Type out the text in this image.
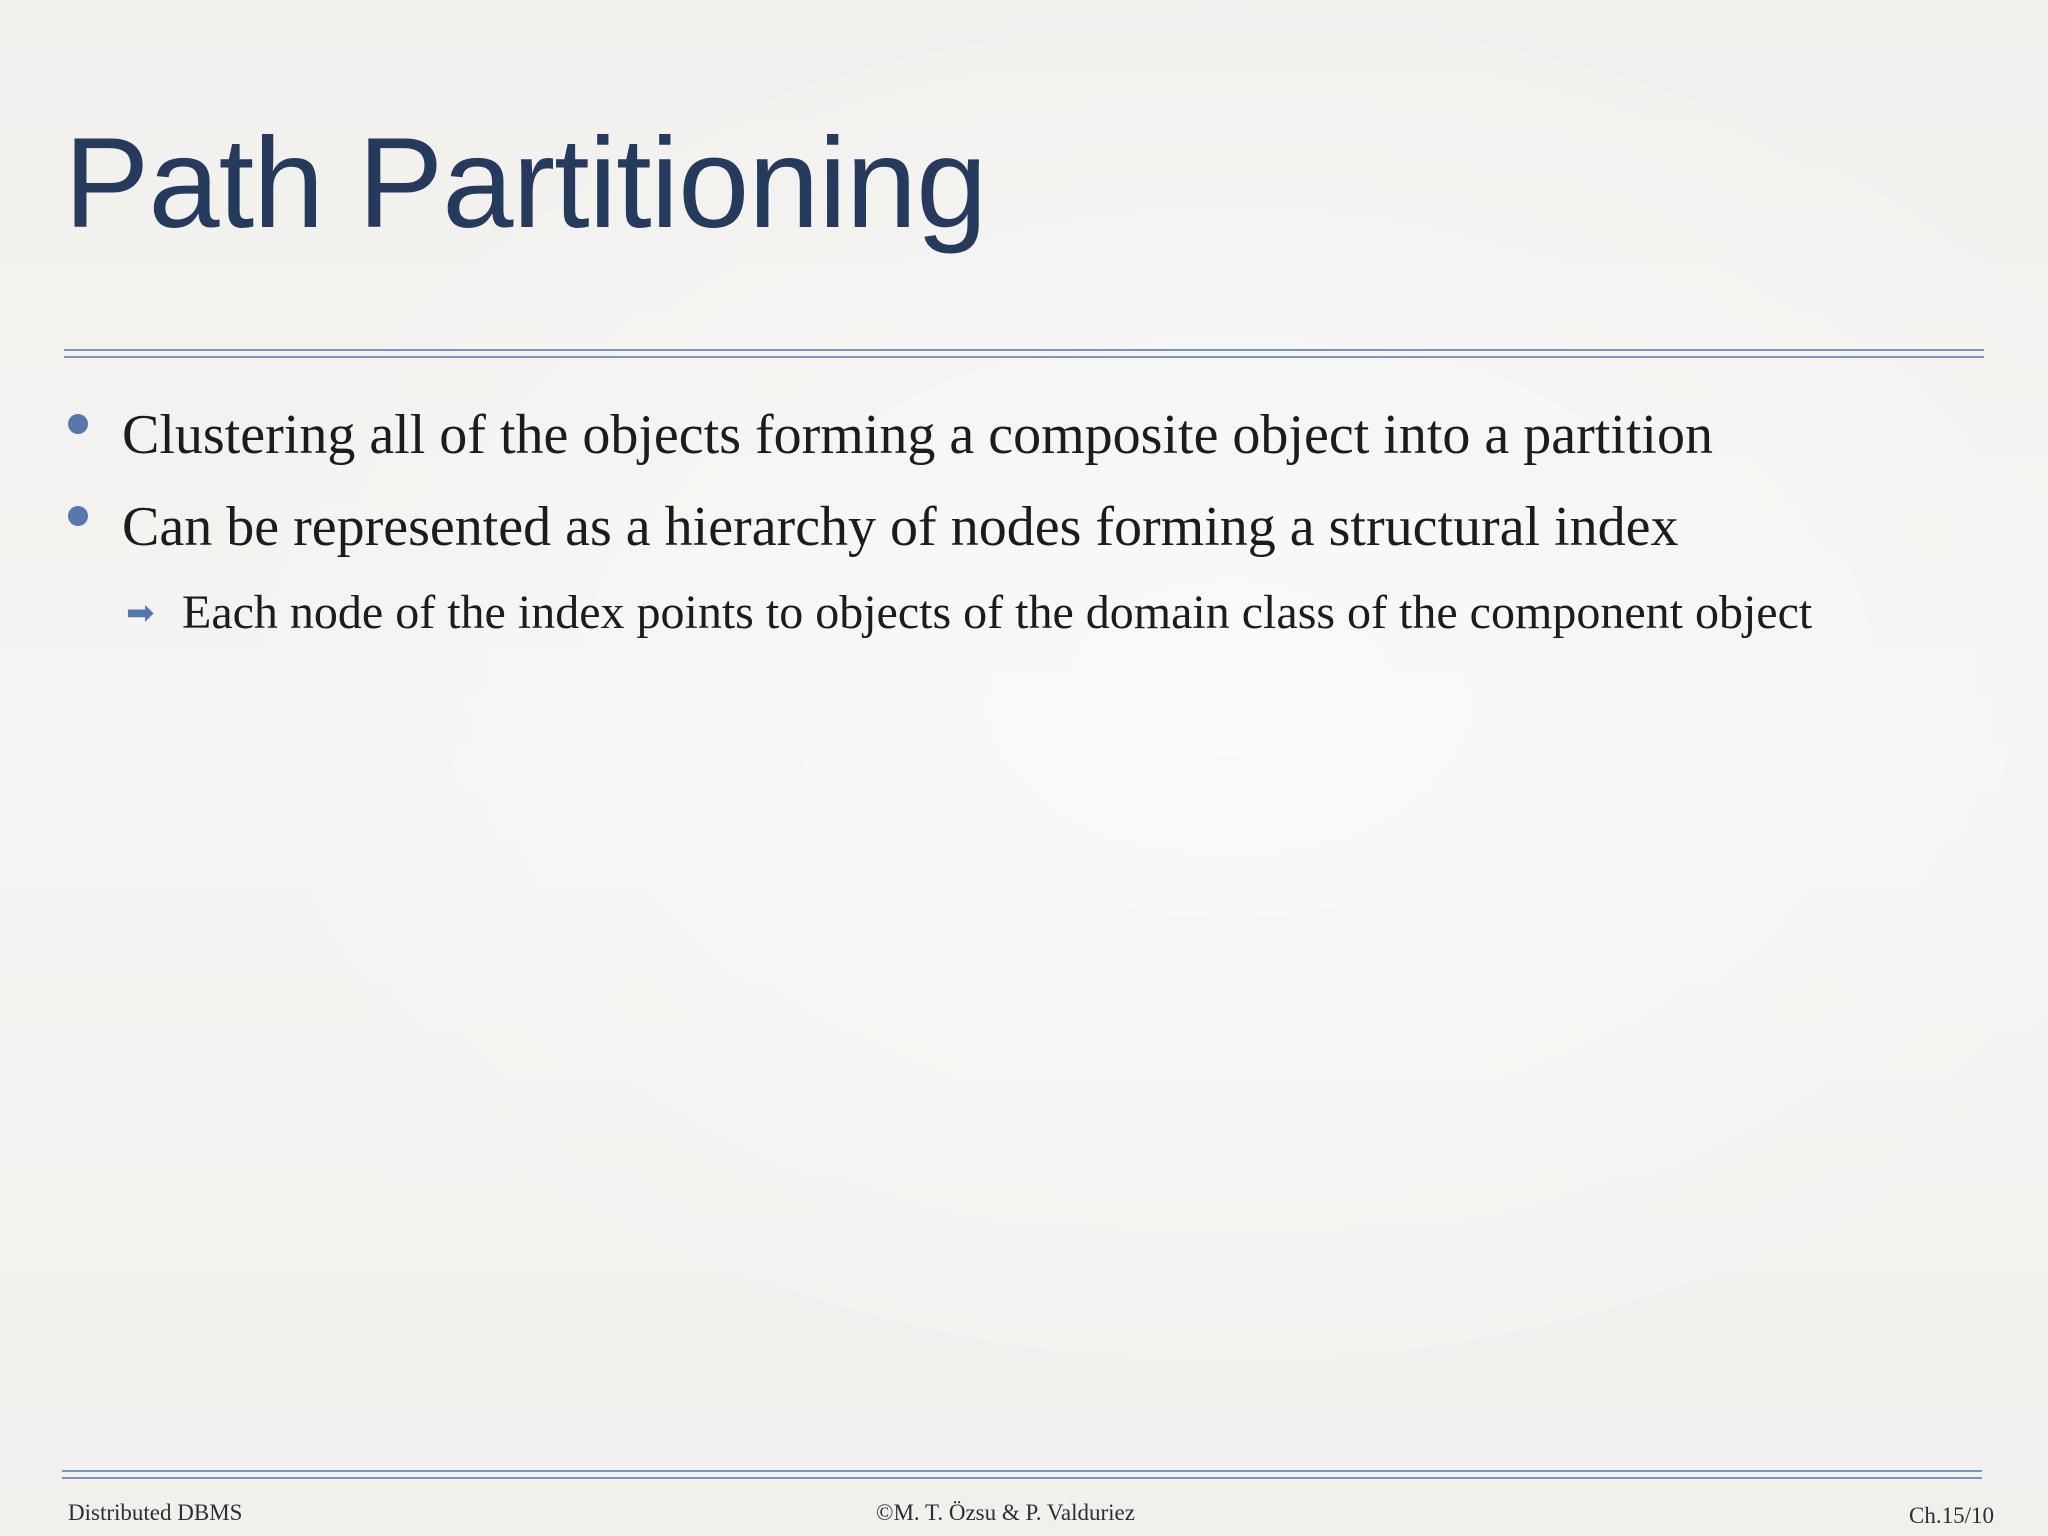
Path Partitioning
Clustering all of the objects forming a composite object into a partition
Can be represented as a hierarchy of nodes forming a structural index
➡ Each node of the index points to objects of the domain class of the component object
Distributed DBMS	©M. T. Özsu & P. Valduriez	Ch.15/10
